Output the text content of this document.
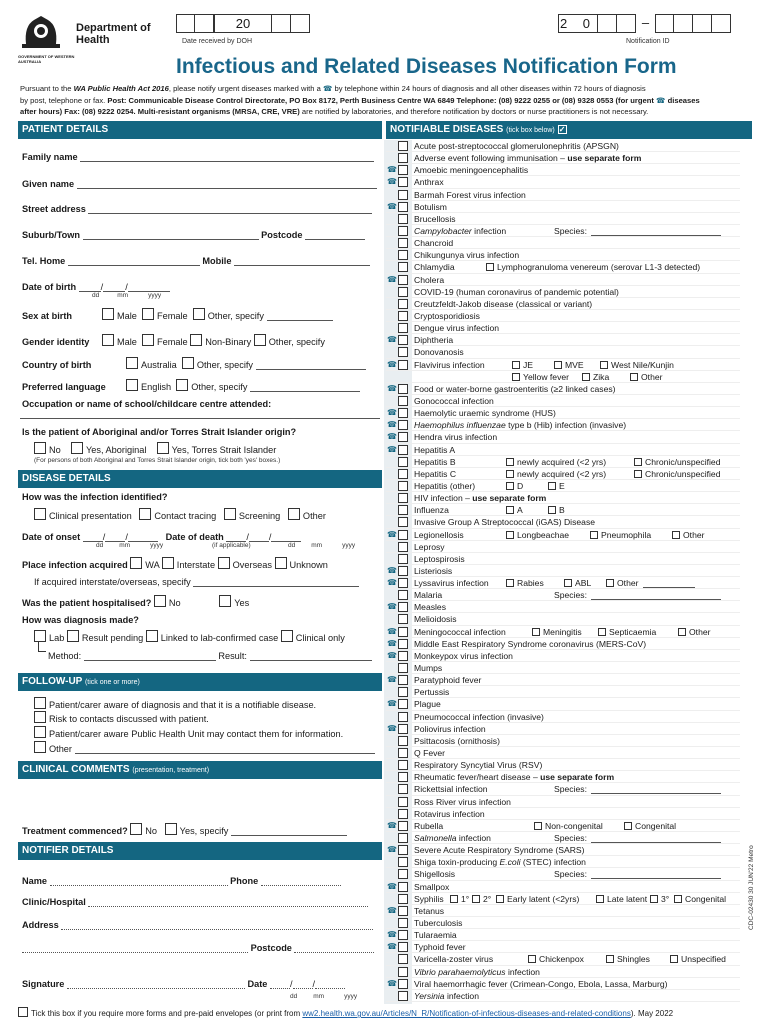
Department of
Health
GOVERNMENT OF WESTERN AUSTRALIA
20
Date received by DOH
2 0	–
Notification ID
Infectious and Related Diseases Notification Form
Pursuant to the WA Public Health Act 2016, please notify urgent diseases marked with a ☎ by telephone within 24 hours of diagnosis and all other diseases within 72 hours of diagnosis
by post, telephone or fax. Post: Communicable Disease Control Directorate, PO Box 8172, Perth Business Centre WA 6849 Telephone: (08) 9222 0255 or (08) 9328 0553 (for urgent ☎ diseases
after hours) Fax: (08) 9222 0254. Multi-resistant organisms (MRSA, CRE, VRE) are notified by laboratories, and therefore notification by doctors or nurse practitioners is not necessary.
PATIENT DETAILS
Family name
Given name
Street address
Suburb/Town	Postcode
Tel. Home	Mobile
Date of birth	/ /
dd	mm	yyyy
Sex at birth	Male Female Other, specify
Gender identity	Male Female Non-Binary Other, specify
Country of birth	Australia Other, specify
Preferred language	English Other, specify
Occupation or name of school/childcare centre attended:
Is the patient of Aboriginal and/or Torres Strait Islander origin?
No	Yes, Aboriginal	Yes, Torres Strait Islander
(For persons of both Aboriginal and Torres Strait Islander origin, tick both 'yes' boxes.)
DISEASE DETAILS
How was the infection identified?
Clinical presentation Contact tracing Screening Other
Date of onset / /	Date of death / /
dd mm	yyyy	(if applicable)	dd mm	yyyy
Place infection acquired WA Interstate Overseas Unknown
If acquired interstate/overseas, specify
Was the patient hospitalised? No	Yes
How was diagnosis made?
Lab Result pending Linked to lab-confirmed case Clinical only
Method:	Result:
FOLLOW-UP (tick one or more)
Patient/carer aware of diagnosis and that it is a notifiable disease.
Risk to contacts discussed with patient.
Patient/carer aware Public Health Unit may contact them for information.
Other
CLINICAL COMMENTS (presentation, treatment)
Treatment commenced? No Yes, specify
NOTIFIER DETAILS
Name	Phone
Clinic/Hospital
Address
Postcode
Signature	Date / /
dd mm	yyyy
NOTIFIABLE DISEASES (tick box below) ✓
Acute post-streptococcal glomerulonephritis (APSGN)
Adverse event following immunisation – use separate form
☎ Amoebic meningoencephalitis
☎ Anthrax
Barmah Forest virus infection
☎ Botulism
Brucellosis
Campylobacter infection	Species:
Chancroid
Chikungunya virus infection
Chlamydia	Lymphogranuloma venereum (serovar L1-3 detected)
☎ Cholera
COVID-19 (human coronavirus of pandemic potential)
Creutzfeldt-Jakob disease (classical or variant)
Cryptosporidiosis
Dengue virus infection
☎ Diphtheria
Donovanosis
☎ Flavivirus infection	JE	MVE	West Nile/Kunjin
Yellow fever	Zika	Other
☎ Food or water-borne gastroenteritis (≥2 linked cases)
Gonococcal infection
☎ Haemolytic uraemic syndrome (HUS)
☎ Haemophilus influenzae type b (Hib) infection (invasive)
☎ Hendra virus infection
☎ Hepatitis A
Hepatitis B	newly acquired (<2 yrs)	Chronic/unspecified
Hepatitis C	newly acquired (<2 yrs)	Chronic/unspecified
Hepatitis (other)	D	E
HIV infection – use separate form
Influenza	A	B
Invasive Group A Streptococcal (iGAS) Disease
☎ Legionellosis	Longbeachae	Pneumophila	Other
Leprosy
Leptospirosis
☎ Listeriosis
☎ Lyssavirus infection	Rabies	ABL	Other
Malaria	Species:
☎ Measles
Melioidosis
☎ Meningococcal infection	Meningitis	Septicaemia	Other
☎ Middle East Respiratory Syndrome coronavirus (MERS-CoV)
☎ Monkeypox virus infection
Mumps
☎ Paratyphoid fever
Pertussis
☎ Plague
Pneumococcal infection (invasive)
☎ Poliovirus infection
Psittacosis (ornithosis)
Q Fever
Respiratory Syncytial Virus (RSV)
Rheumatic fever/heart disease – use separate form
Rickettsial infection	Species:
Ross River virus infection
Rotavirus infection
☎ Rubella	Non-congenital	Congenital
Salmonella infection	Species:
☎ Severe Acute Respiratory Syndrome (SARS)
Shiga toxin-producing E.coli (STEC) infection
Shigellosis	Species:
☎ Smallpox
Syphilis	1°	2°	Early latent (<2yrs)	Late latent	3°	Congenital
☎ Tetanus
Tuberculosis
☎ Tularaemia
☎ Typhoid fever
Varicella-zoster virus	Chickenpox	Shingles	Unspecified
Vibrio parahaemolyticus infection
☎ Viral haemorrhagic fever (Crimean-Congo, Ebola, Lassa, Marburg)
Yersinia infection
CDC-02430 30 JUN'22 Metro
Tick this box if you require more forms and pre-paid envelopes (or print from ww2.health.wa.gov.au/Articles/N_R/Notification-of-infectious-diseases-and-related-conditions). May 2022
